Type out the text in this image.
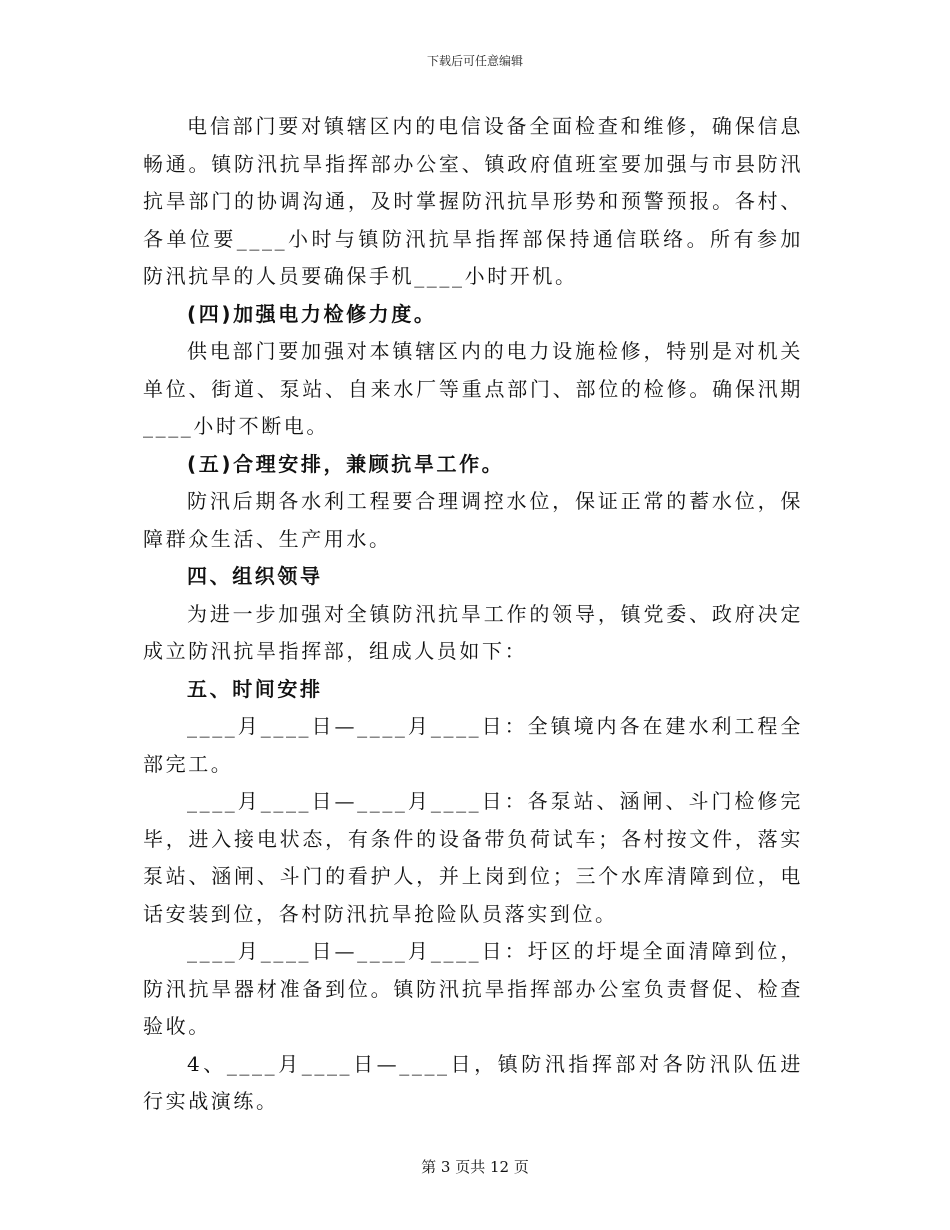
下载后可任意编辑

电信部门要对镇辖区内的电信设备全面检查和维修，确保信息畅通。镇防汛抗旱指挥部办公室、镇政府值班室要加强与市县防汛抗旱部门的协调沟通，及时掌握防汛抗旱形势和预警预报。各村、各单位要____小时与镇防汛抗旱指挥部保持通信联络。所有参加防汛抗旱的人员要确保手机____小时开机。

(四)加强电力检修力度。

供电部门要加强对本镇辖区内的电力设施检修，特别是对机关单位、街道、泵站、自来水厂等重点部门、部位的检修。确保汛期____小时不断电。

(五)合理安排，兼顾抗旱工作。

防汛后期各水利工程要合理调控水位，保证正常的蓄水位，保障群众生活、生产用水。

四、组织领导

为进一步加强对全镇防汛抗旱工作的领导，镇党委、政府决定成立防汛抗旱指挥部，组成人员如下：

五、时间安排

____月____日—____月____日：全镇境内各在建水利工程全部完工。

____月____日—____月____日：各泵站、涵闸、斗门检修完毕，进入接电状态，有条件的设备带负荷试车；各村按文件，落实泵站、涵闸、斗门的看护人，并上岗到位；三个水库清障到位，电话安装到位，各村防汛抗旱抢险队员落实到位。

____月____日—____月____日：圩区的圩堤全面清障到位，防汛抗旱器材准备到位。镇防汛抗旱指挥部办公室负责督促、检查验收。

4、____月____日—____日，镇防汛指挥部对各防汛队伍进行实战演练。

第 3 页共 12 页
